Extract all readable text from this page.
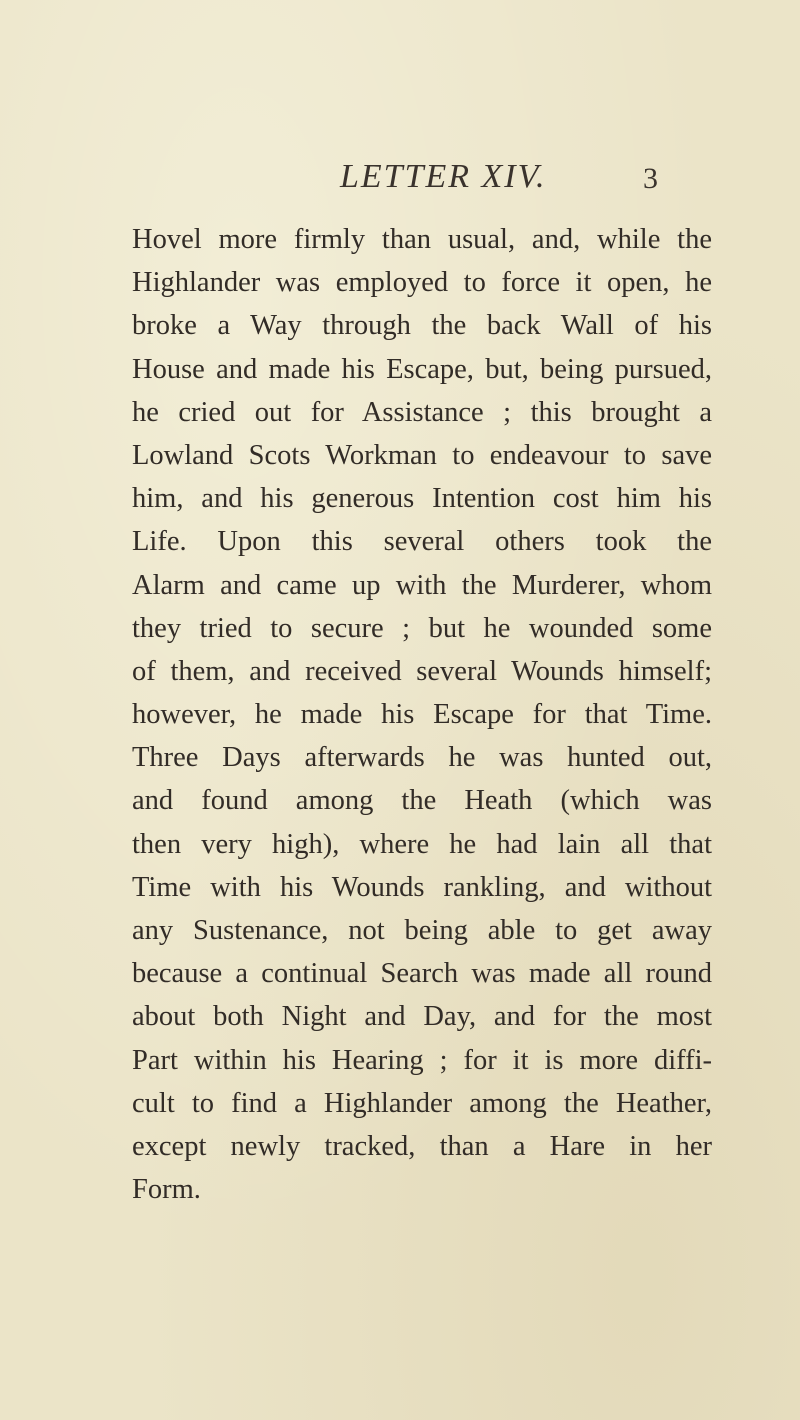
LETTER XIV.	3
Hovel more firmly than usual, and, while the
Highlander was employed to force it open, he
broke a Way through the back Wall of his
House and made his Escape, but, being pursued,
he cried out for Assistance ; this brought a
Lowland Scots Workman to endeavour to save
him, and his generous Intention cost him his
Life. Upon this several others took the
Alarm and came up with the Murderer, whom
they tried to secure ; but he wounded some
of them, and received several Wounds himself;
however, he made his Escape for that Time.
Three Days afterwards he was hunted out,
and found among the Heath (which was
then very high), where he had lain all that
Time with his Wounds rankling, and without
any Sustenance, not being able to get away
because a continual Search was made all round
about both Night and Day, and for the most
Part within his Hearing ; for it is more diffi-
cult to find a Highlander among the Heather,
except newly tracked, than a Hare in her
Form.
